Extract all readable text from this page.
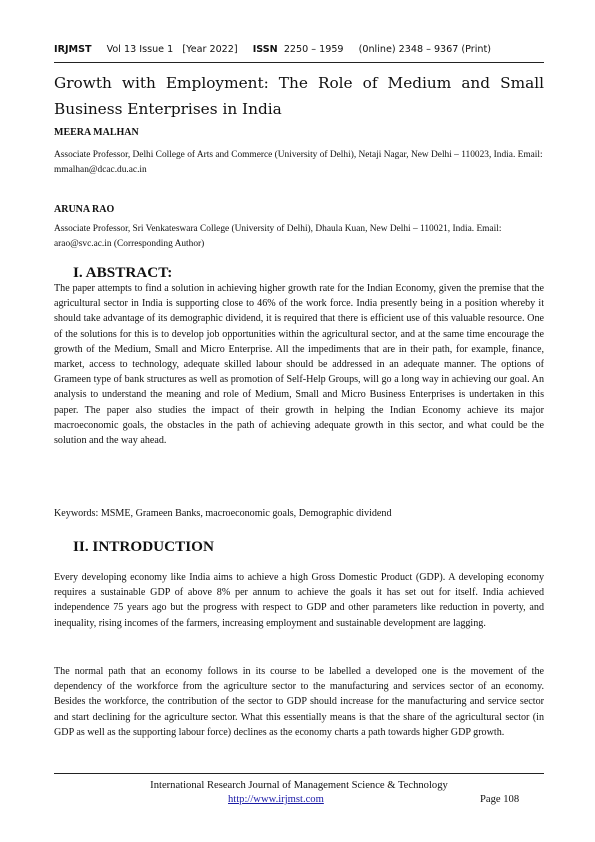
IRJMST Vol 13 Issue 1 [Year 2022] ISSN 2250 – 1959 (0nline) 2348 – 9367 (Print)
Growth with Employment: The Role of Medium and Small Business Enterprises in India
MEERA MALHAN
Associate Professor, Delhi College of Arts and Commerce (University of Delhi), Netaji Nagar, New Delhi – 110023, India. Email: mmalhan@dcac.du.ac.in
ARUNA RAO
Associate Professor, Sri Venkateswara College (University of Delhi), Dhaula Kuan, New Delhi – 110021, India. Email: arao@svc.ac.in (Corresponding Author)
I. ABSTRACT:
The paper attempts to find a solution in achieving higher growth rate for the Indian Economy, given the premise that the agricultural sector in India is supporting close to 46% of the work force. India presently being in a position whereby it should take advantage of its demographic dividend, it is required that there is efficient use of this valuable resource. One of the solutions for this is to develop job opportunities within the agricultural sector, and at the same time encourage the growth of the Medium, Small and Micro Enterprise. All the impediments that are in their path, for example, finance, market, access to technology, adequate skilled labour should be addressed in an adequate manner. The options of Grameen type of bank structures as well as promotion of Self-Help Groups, will go a long way in achieving our goal. An analysis to understand the meaning and role of Medium, Small and Micro Business Enterprises is undertaken in this paper. The paper also studies the impact of their growth in helping the Indian Economy achieve its major macroeconomic goals, the obstacles in the path of achieving adequate growth in this sector, and what could be the solution and the way ahead.
Keywords: MSME, Grameen Banks, macroeconomic goals, Demographic dividend
II. INTRODUCTION
Every developing economy like India aims to achieve a high Gross Domestic Product (GDP). A developing economy requires a sustainable GDP of above 8% per annum to achieve the goals it has set out for itself. India achieved independence 75 years ago but the progress with respect to GDP and other parameters like reduction in poverty, and inequality, rising incomes of the farmers, increasing employment and sustainable development are lagging.
The normal path that an economy follows in its course to be labelled a developed one is the movement of the dependency of the workforce from the agriculture sector to the manufacturing and services sector of an economy. Besides the workforce, the contribution of the sector to GDP should increase for the manufacturing and service sector and start declining for the agriculture sector. What this essentially means is that the share of the agricultural sector (in GDP as well as the supporting labour force) declines as the economy charts a path towards higher GDP growth.
International Research Journal of Management Science & Technology
http://www.irjmst.com	Page 108
